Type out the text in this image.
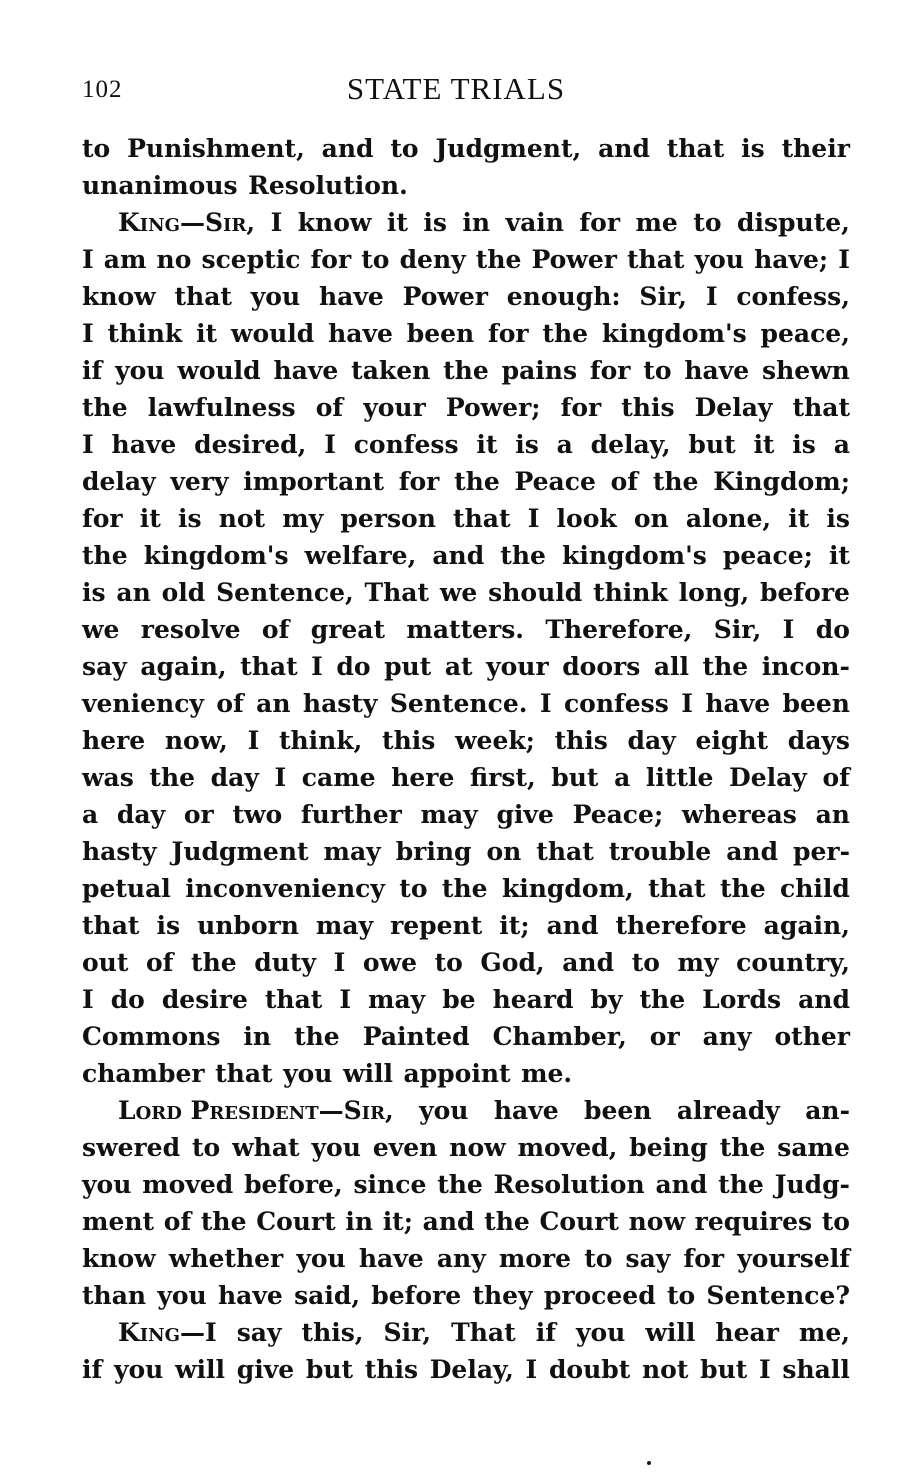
102	STATE TRIALS
to Punishment, and to Judgment, and that is their
unanimous Resolution.
King—Sir, I know it is in vain for me to dispute,
I am no sceptic for to deny the Power that you have; I
know that you have Power enough: Sir, I confess,
I think it would have been for the kingdom's peace,
if you would have taken the pains for to have shewn
the lawfulness of your Power; for this Delay that
I have desired, I confess it is a delay, but it is a
delay very important for the Peace of the Kingdom;
for it is not my person that I look on alone, it is
the kingdom's welfare, and the kingdom's peace; it
is an old Sentence, That we should think long, before
we resolve of great matters. Therefore, Sir, I do
say again, that I do put at your doors all the incon-
veniency of an hasty Sentence. I confess I have been
here now, I think, this week; this day eight days
was the day I came here first, but a little Delay of
a day or two further may give Peace; whereas an
hasty Judgment may bring on that trouble and per-
petual inconveniency to the kingdom, that the child
that is unborn may repent it; and therefore again,
out of the duty I owe to God, and to my country,
I do desire that I may be heard by the Lords and
Commons in the Painted Chamber, or any other
chamber that you will appoint me.
Lord President—Sir, you have been already an-
swered to what you even now moved, being the same
you moved before, since the Resolution and the Judg-
ment of the Court in it; and the Court now requires to
know whether you have any more to say for yourself
than you have said, before they proceed to Sentence?
King—I say this, Sir, That if you will hear me,
if you will give but this Delay, I doubt not but I shall
